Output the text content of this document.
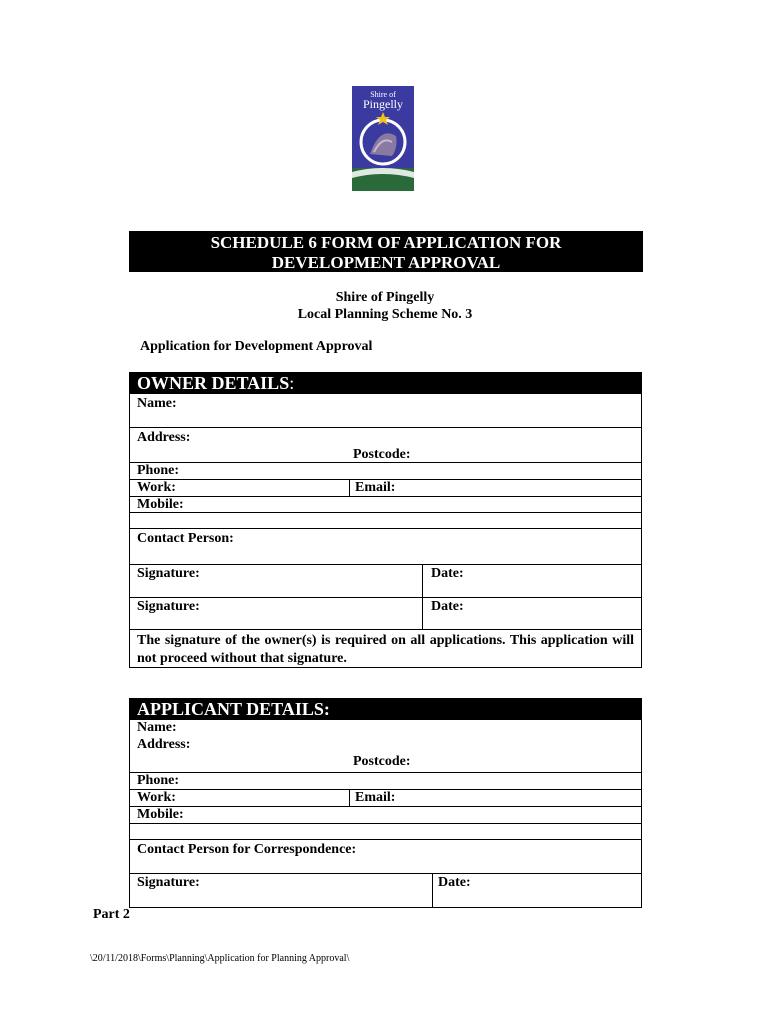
Shire of
Pingelly
SCHEDULE 6 FORM OF APPLICATION FOR
DEVELOPMENT APPROVAL
Shire of Pingelly
Local Planning Scheme No. 3
Application for Development Approval
OWNER DETAILS:
Name:
Address:
Postcode:
Phone:
Work:	Email:
Mobile:
Contact Person:
Signature:	Date:
Signature:	Date:
The signature of the owner(s) is required on all applications. This application will not proceed without that signature.
APPLICANT DETAILS:
Name:
Address:
Postcode:
Phone:
Work:	Email:
Mobile:
Contact Person for Correspondence:
Signature:	Date:
Part 2
\20/11/2018\Forms\Planning\Application for Planning Approval\
